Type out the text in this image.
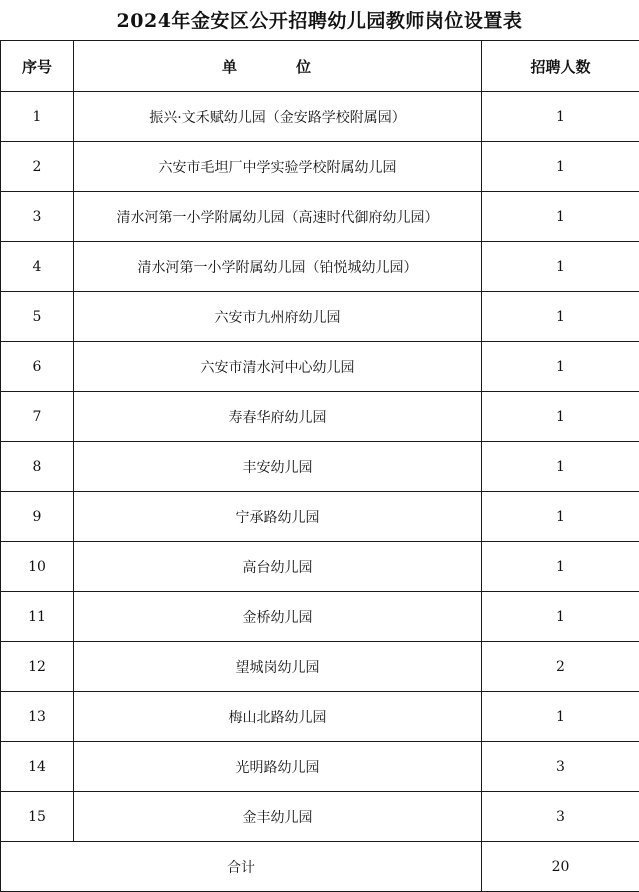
2024年金安区公开招聘幼儿园教师岗位设置表
序号	单　位	招聘人数
1	振兴·文禾赋幼儿园（金安路学校附属园）	1
2	六安市毛坦厂中学实验学校附属幼儿园	1
3	清水河第一小学附属幼儿园（高速时代御府幼儿园）	1
4	清水河第一小学附属幼儿园（铂悦城幼儿园）	1
5	六安市九州府幼儿园	1
6	六安市清水河中心幼儿园	1
7	寿春华府幼儿园	1
8	丰安幼儿园	1
9	宁承路幼儿园	1
10	高台幼儿园	1
11	金桥幼儿园	1
12	望城岗幼儿园	2
13	梅山北路幼儿园	1
14	光明路幼儿园	3
15	金丰幼儿园	3
合计		20
